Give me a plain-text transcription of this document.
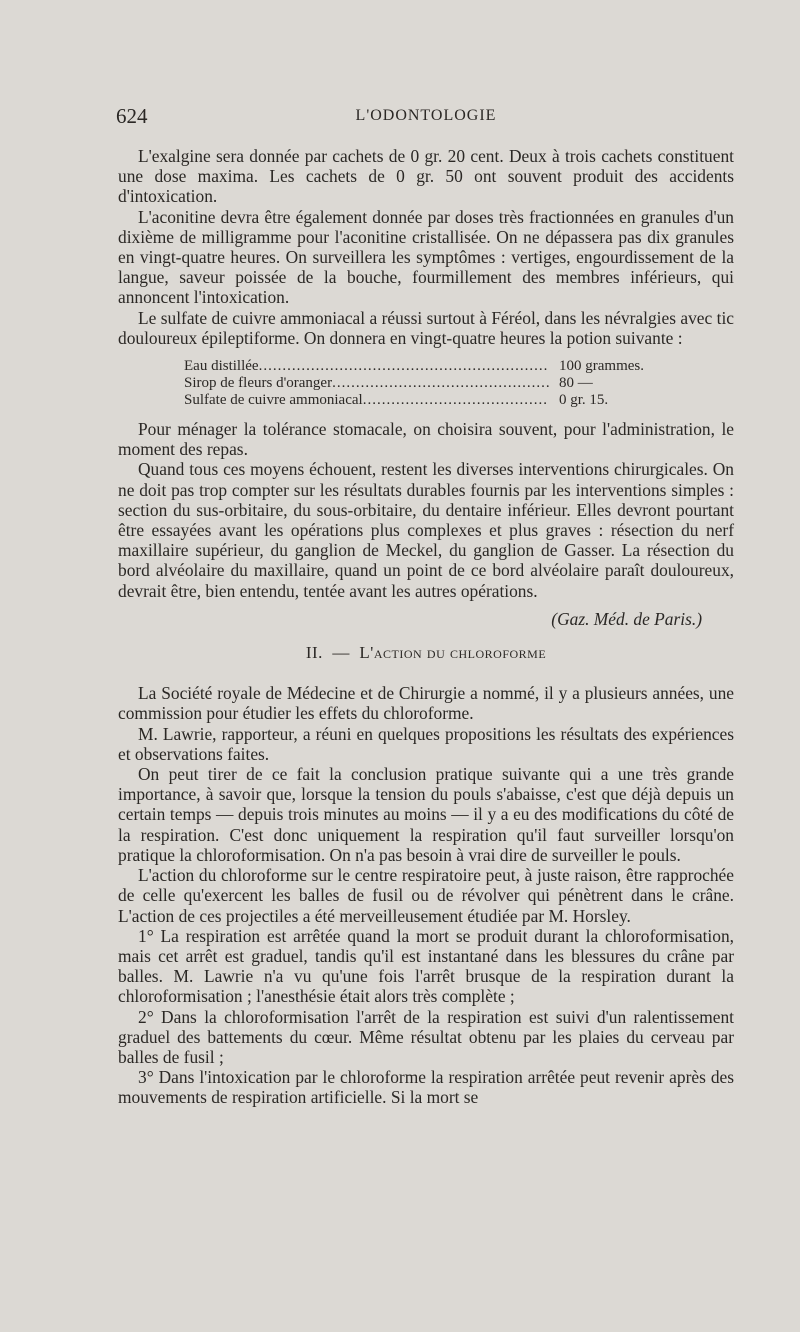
624	L'ODONTOLOGIE

L'exalgine sera donnée par cachets de 0 gr. 20 cent. Deux à trois cachets constituent une dose maxima. Les cachets de 0 gr. 50 ont souvent produit des accidents d'intoxication.

L'aconitine devra être également donnée par doses très fractionnées en granules d'un dixième de milligramme pour l'aconitine cristallisée. On ne dépassera pas dix granules en vingt-quatre heures. On surveillera les symptômes : vertiges, engourdissement de la langue, saveur poissée de la bouche, fourmillement des membres inférieurs, qui annoncent l'intoxication.

Le sulfate de cuivre ammoniacal a réussi surtout à Féréol, dans les névralgies avec tic douloureux épileptiforme. On donnera en vingt-quatre heures la potion suivante :

Eau distillée .....	100 grammes.
Sirop de fleurs d'oranger .....	80 —
Sulfate de cuivre ammoniacal .....	0 gr. 15.

Pour ménager la tolérance stomacale, on choisira souvent, pour l'administration, le moment des repas.

Quand tous ces moyens échouent, restent les diverses interventions chirurgicales. On ne doit pas trop compter sur les résultats durables fournis par les interventions simples : section du sus-orbitaire, du sous-orbitaire, du dentaire inférieur. Elles devront pourtant être essayées avant les opérations plus complexes et plus graves : résection du nerf maxillaire supérieur, du ganglion de Meckel, du ganglion de Gasser. La résection du bord alvéolaire du maxillaire, quand un point de ce bord alvéolaire paraît douloureux, devrait être, bien entendu, tentée avant les autres opérations.

(Gaz. Méd. de Paris.)
II. — L'action du chloroforme

La Société royale de Médecine et de Chirurgie a nommé, il y a plusieurs années, une commission pour étudier les effets du chloroforme.

M. Lawrie, rapporteur, a réuni en quelques propositions les résultats des expériences et observations faites.

On peut tirer de ce fait la conclusion pratique suivante qui a une très grande importance, à savoir que, lorsque la tension du pouls s'abaisse, c'est que déjà depuis un certain temps — depuis trois minutes au moins — il y a eu des modifications du côté de la respiration. C'est donc uniquement la respiration qu'il faut surveiller lorsqu'on pratique la chloroformisation. On n'a pas besoin à vrai dire de surveiller le pouls.

L'action du chloroforme sur le centre respiratoire peut, à juste raison, être rapprochée de celle qu'exercent les balles de fusil ou de révolver qui pénètrent dans le crâne. L'action de ces projectiles a été merveilleusement étudiée par M. Horsley.

1° La respiration est arrêtée quand la mort se produit durant la chloroformisation, mais cet arrêt est graduel, tandis qu'il est instantané dans les blessures du crâne par balles. M. Lawrie n'a vu qu'une fois l'arrêt brusque de la respiration durant la chloroformisation ; l'anesthésie était alors très complète ;

2° Dans la chloroformisation l'arrêt de la respiration est suivi d'un ralentissement graduel des battements du cœur. Même résultat obtenu par les plaies du cerveau par balles de fusil ;

3° Dans l'intoxication par le chloroforme la respiration arrêtée peut revenir après des mouvements de respiration artificielle. Si la mort se
